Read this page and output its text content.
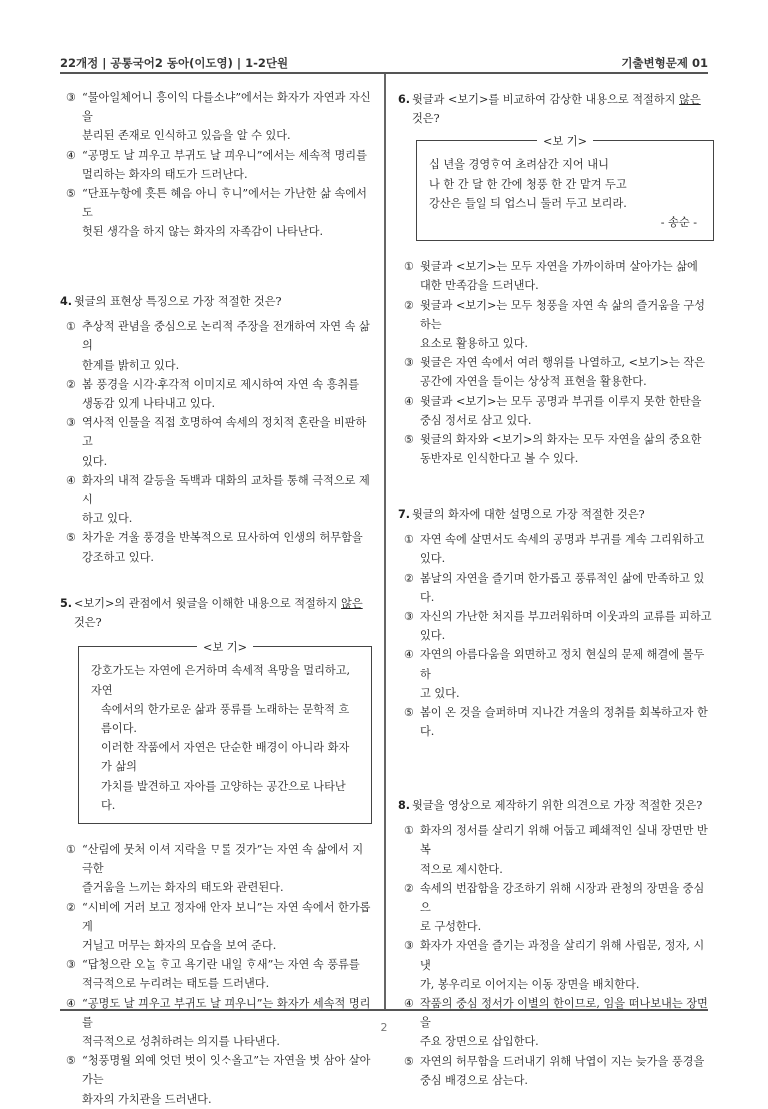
22개정 | 공통국어2 동아(이도영) | 1-2단원	기출변형문제 01
2
③ “물아일체어니 흥이익 다를소냐”에서는 화자가 자연과 자신을
분리된 존재로 인식하고 있음을 알 수 있다.
④ “공명도 날 끠우고 부귀도 날 끠우니”에서는 세속적 명리를
멀리하는 화자의 태도가 드러난다.
⑤ “단표누항에 흣튼 혜음 아니 ᄒᆞ니”에서는 가난한 삶 속에서도
헛된 생각을 하지 않는 화자의 자족감이 나타난다.

4. 윗글의 표현상 특징으로 가장 적절한 것은?

① 추상적 관념을 중심으로 논리적 주장을 전개하여 자연 속 삶의
한계를 밝히고 있다.
② 봄 풍경을 시각·후각적 이미지로 제시하여 자연 속 흥취를
생동감 있게 나타내고 있다.
③ 역사적 인물을 직접 호명하여 속세의 정치적 혼란을 비판하고
있다.
④ 화자의 내적 갈등을 독백과 대화의 교차를 통해 극적으로 제시
하고 있다.
⑤ 차가운 겨울 풍경을 반복적으로 묘사하여 인생의 허무함을
강조하고 있다.

5. <보기>의 관점에서 윗글을 이해한 내용으로 적절하지 않은 것은?

<보 기>

강호가도는 자연에 은거하며 속세적 욕망을 멀리하고, 자연

속에서의 한가로운 삶과 풍류를 노래하는 문학적 흐름이다.

이러한 작품에서 자연은 단순한 배경이 아니라 화자가 삶의

가치를 발견하고 자아를 고양하는 공간으로 나타난다.

① “산림에 뭇처 이셔 지락을 ᄆᆞᄅᆞᆯ 것가”는 자연 속 삶에서 지극한
즐거움을 느끼는 화자의 태도와 관련된다.
② “시비에 거러 보고 정자애 안자 보니”는 자연 속에서 한가롭게
거닐고 머무는 화자의 모습을 보여 준다.
③ “답청으란 오ᄂᆞᆯ ᄒᆞ고 욕기란 내일 ᄒᆞ새”는 자연 속 풍류를
적극적으로 누리려는 태도를 드러낸다.
④ “공명도 날 끠우고 부귀도 날 끠우니”는 화자가 세속적 명리를
적극적으로 성취하려는 의지를 나타낸다.
⑤ “청풍명월 외예 엇던 벗이 잇ᄉᆞ올고”는 자연을 벗 삼아 살아가는
화자의 가치관을 드러낸다.

6. 윗글과 <보기>를 비교하여 감상한 내용으로 적절하지 않은 것은?

<보 기>

십 년을 경영ᄒᆞ여 초려삼간 지어 내니

나 한 간 달 한 간에 청풍 한 간 맡겨 두고

강산은 들일 듸 업스니 둘러 두고 보리라.

- 송순 -

① 윗글과 <보기>는 모두 자연을 가까이하며 살아가는 삶에
대한 만족감을 드러낸다.
② 윗글과 <보기>는 모두 청풍을 자연 속 삶의 즐거움을 구성하는
요소로 활용하고 있다.
③ 윗글은 자연 속에서 여러 행위를 나열하고, <보기>는 작은
공간에 자연을 들이는 상상적 표현을 활용한다.
④ 윗글과 <보기>는 모두 공명과 부귀를 이루지 못한 한탄을
중심 정서로 삼고 있다.
⑤ 윗글의 화자와 <보기>의 화자는 모두 자연을 삶의 중요한
동반자로 인식한다고 볼 수 있다.

7. 윗글의 화자에 대한 설명으로 가장 적절한 것은?

① 자연 속에 살면서도 속세의 공명과 부귀를 계속 그리워하고
있다.
② 봄날의 자연을 즐기며 한가롭고 풍류적인 삶에 만족하고 있다.
③ 자신의 가난한 처지를 부끄러워하며 이웃과의 교류를 피하고
있다.
④ 자연의 아름다움을 외면하고 정치 현실의 문제 해결에 몰두하
고 있다.
⑤ 봄이 온 것을 슬퍼하며 지나간 겨울의 정취를 회복하고자 한다.

8. 윗글을 영상으로 제작하기 위한 의견으로 가장 적절한 것은?

① 화자의 정서를 살리기 위해 어둡고 폐쇄적인 실내 장면만 반복
적으로 제시한다.
② 속세의 번잡함을 강조하기 위해 시장과 관청의 장면을 중심으
로 구성한다.
③ 화자가 자연을 즐기는 과정을 살리기 위해 사립문, 정자, 시냇
가, 봉우리로 이어지는 이동 장면을 배치한다.
④ 작품의 중심 정서가 이별의 한이므로, 임을 떠나보내는 장면을
주요 장면으로 삽입한다.
⑤ 자연의 허무함을 드러내기 위해 낙엽이 지는 늦가을 풍경을
중심 배경으로 삼는다.
